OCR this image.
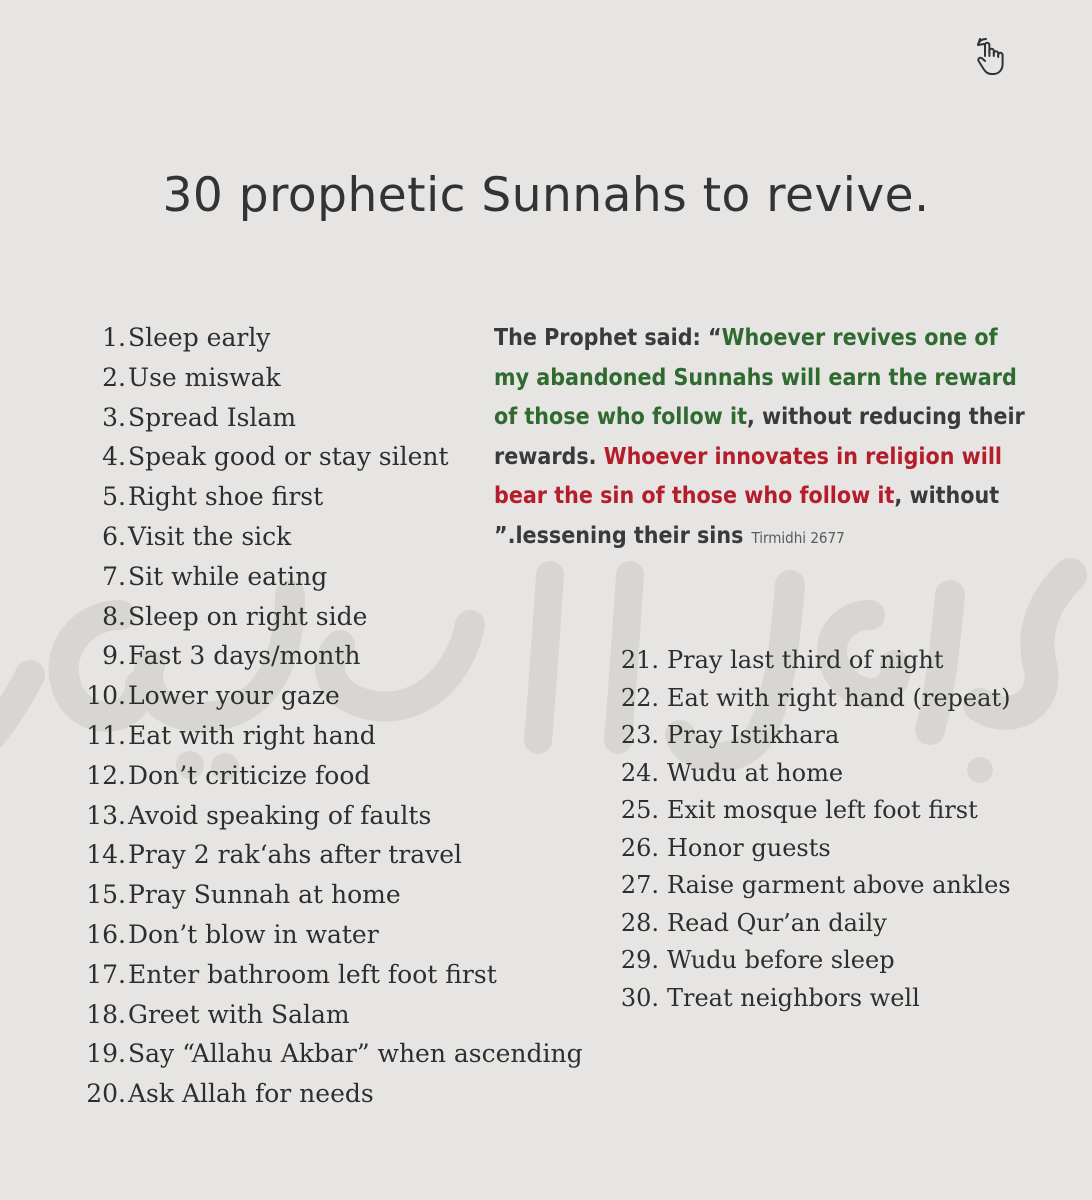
30 prophetic Sunnahs to revive.
The Prophet said: “Whoever revives one of
my abandoned Sunnahs will earn the reward
of those who follow it, without reducing their
rewards. Whoever innovates in religion will
bear the sin of those who follow it, without
”.lessening their sins Tirmidhi 2677
1. Sleep early
2. Use miswak
3. Spread Islam
4. Speak good or stay silent
5. Right shoe first
6. Visit the sick
7. Sit while eating
8. Sleep on right side
9. Fast 3 days/month
10. Lower your gaze
11. Eat with right hand
12. Don’t criticize food
13. Avoid speaking of faults
14. Pray 2 rak‘ahs after travel
15. Pray Sunnah at home
16. Don’t blow in water
17. Enter bathroom left foot first
18. Greet with Salam
19. Say “Allahu Akbar” when ascending
20. Ask Allah for needs
21. Pray last third of night
22. Eat with right hand (repeat)
23. Pray Istikhara
24. Wudu at home
25. Exit mosque left foot first
26. Honor guests
27. Raise garment above ankles
28. Read Qur’an daily
29. Wudu before sleep
30. Treat neighbors well
